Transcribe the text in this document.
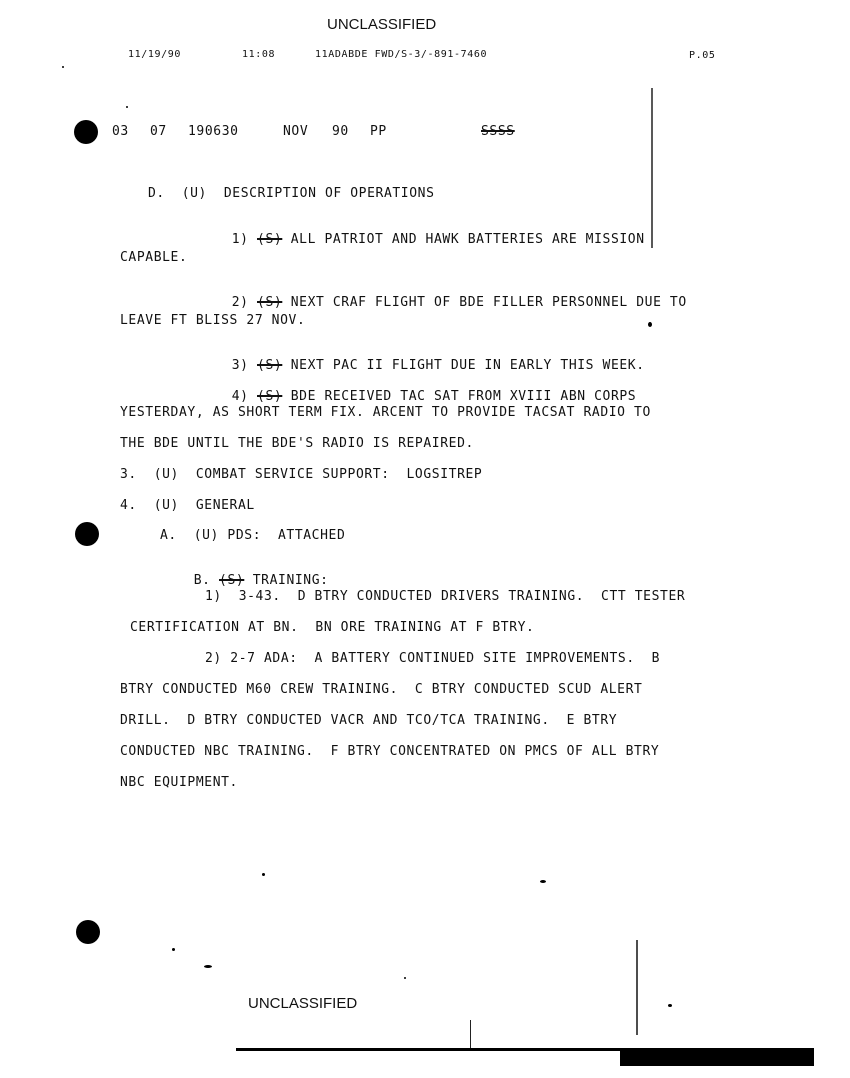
UNCLASSIFIED
11/19/90	11:08	11ADABDE FWD/S-3/-891-7460	P.05
03 07 190630	NOV 90 PP	SSSS
D.  (U)  DESCRIPTION OF OPERATIONS

1) (S) ALL PATRIOT AND HAWK BATTERIES ARE MISSION

CAPABLE.

2) (S) NEXT CRAF FLIGHT OF BDE FILLER PERSONNEL DUE TO

LEAVE FT BLISS 27 NOV.

3) (S) NEXT PAC II FLIGHT DUE IN EARLY THIS WEEK.

4) (S) BDE RECEIVED TAC SAT FROM XVIII ABN CORPS

YESTERDAY, AS SHORT TERM FIX. ARCENT TO PROVIDE TACSAT RADIO TO
THE BDE UNTIL THE BDE'S RADIO IS REPAIRED.
3.  (U)  COMBAT SERVICE SUPPORT:  LOGSITREP
4.  (U)  GENERAL
A.  (U) PDS:  ATTACHED

B. (S) TRAINING:

1)  3-43.  D BTRY CONDUCTED DRIVERS TRAINING.  CTT TESTER
CERTIFICATION AT BN.  BN ORE TRAINING AT F BTRY.
2) 2-7 ADA:  A BATTERY CONTINUED SITE IMPROVEMENTS.  B
BTRY CONDUCTED M60 CREW TRAINING.  C BTRY CONDUCTED SCUD ALERT
DRILL.  D BTRY CONDUCTED VACR AND TCO/TCA TRAINING.  E BTRY
CONDUCTED NBC TRAINING.  F BTRY CONCENTRATED ON PMCS OF ALL BTRY
NBC EQUIPMENT.
UNCLASSIFIED
